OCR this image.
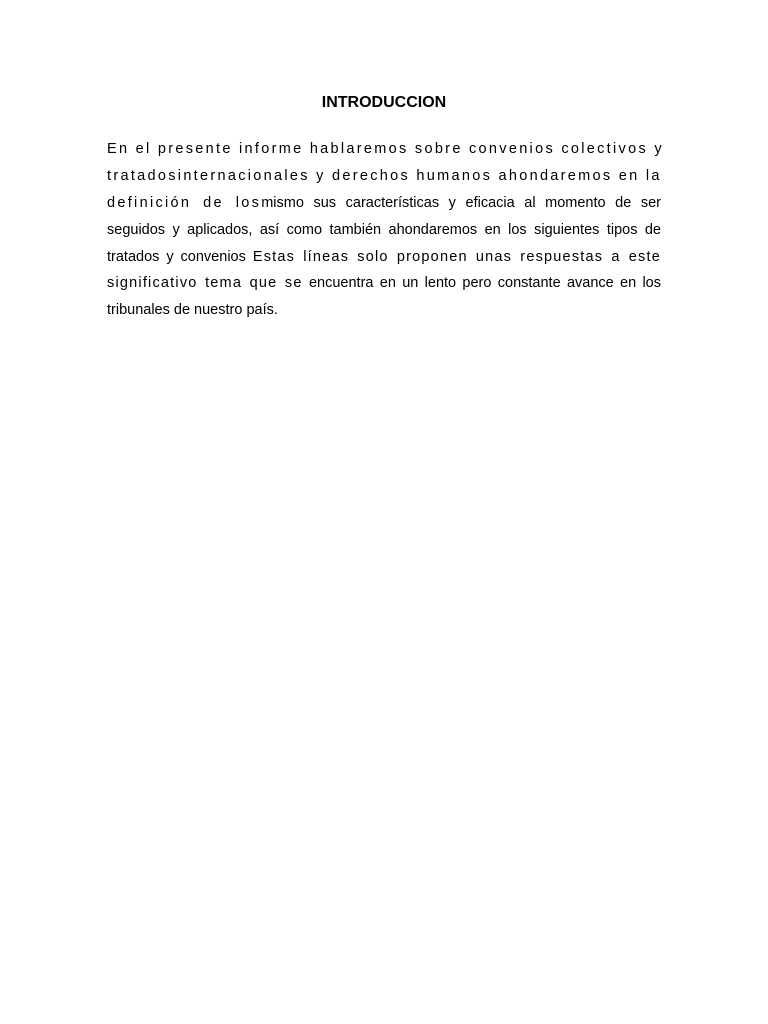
INTRODUCCION
En el presente informe hablaremos sobre convenios colectivos y
tratadosinternacionales y derechos humanos ahondaremos en la
definición de losmismo sus características y eficacia al momento de ser
seguidos y aplicados, así como también ahondaremos en los siguientes tipos de
tratados y convenios Estas líneas solo proponen unas respuestas a este
significativo tema que se encuentra en un lento pero constante avance en los
tribunales de nuestro país.
